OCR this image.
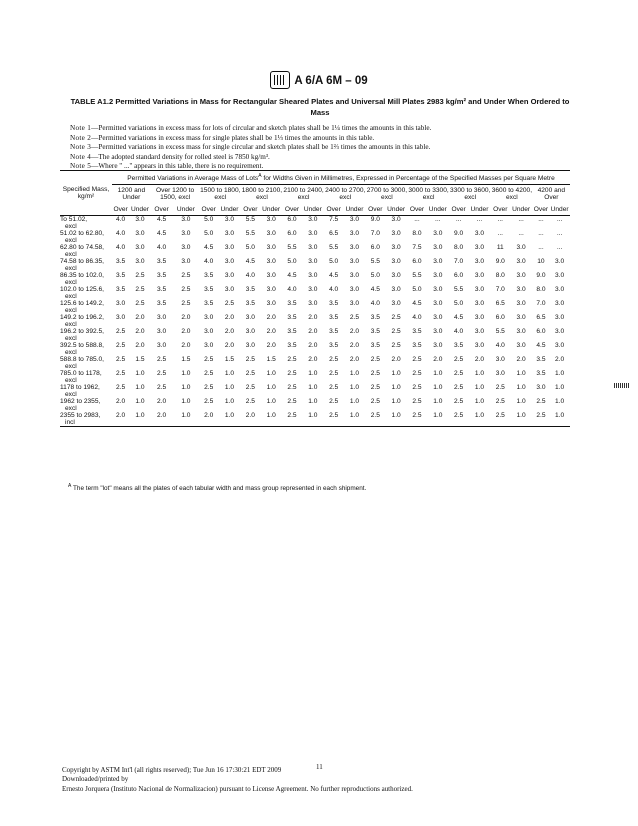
A 6/A 6M – 09
TABLE A1.2 Permitted Variations in Mass for Rectangular Sheared Plates and Universal Mill Plates 2983 kg/m² and Under When Ordered to Mass
Note 1—Permitted variations in excess mass for lots of circular and sketch plates shall be 1¼ times the amounts in this table.
Note 2—Permitted variations in excess mass for single plates shall be 1⅓ times the amounts in this table.
Note 3—Permitted variations in excess mass for single circular and sketch plates shall be 1⅔ times the amounts in this table.
Note 4—The adopted standard density for rolled steel is 7850 kg/m³.
Note 5—Where " ..." appears in this table, there is no requirement.
Specified Mass, kg/m²	Permitted Variations in Average Mass of Lots$^A$ for Widths Given in Millimetres, Expressed in Percentage of the Specified Masses per Square Metre																					
	1200 and Under		Over 1200 to 1500, excl		1500 to 1800, excl		1800 to 2100, excl		2100 to 2400, excl		2400 to 2700, excl		2700 to 3000, excl		3000 to 3300, excl		3300 to 3600, excl		3600 to 4200, excl		4200 and Over	
	Over	Under	Over	Under	Over	Under	Over	Under	Over	Under	Over	Under	Over	Under	Over	Under	Over	Under	Over	Under	Over	Under
To 51.02,
excl	4.0	3.0	4.5	3.0	5.0	3.0	5.5	3.0	6.0	3.0	7.5	3.0	9.0	3.0	...	...	...	...	...	...	...	...
51.02 to 62.80,
excl	4.0	3.0	4.5	3.0	5.0	3.0	5.5	3.0	6.0	3.0	6.5	3.0	7.0	3.0	8.0	3.0	9.0	3.0	...	...	...	...
62.80 to 74.58,
excl	4.0	3.0	4.0	3.0	4.5	3.0	5.0	3.0	5.5	3.0	5.5	3.0	6.0	3.0	7.5	3.0	8.0	3.0	11	3.0	...	...
74.58 to 86.35,
excl	3.5	3.0	3.5	3.0	4.0	3.0	4.5	3.0	5.0	3.0	5.0	3.0	5.5	3.0	6.0	3.0	7.0	3.0	9.0	3.0	10	3.0
86.35 to 102.0,
excl	3.5	2.5	3.5	2.5	3.5	3.0	4.0	3.0	4.5	3.0	4.5	3.0	5.0	3.0	5.5	3.0	6.0	3.0	8.0	3.0	9.0	3.0
102.0 to 125.6,
excl	3.5	2.5	3.5	2.5	3.5	3.0	3.5	3.0	4.0	3.0	4.0	3.0	4.5	3.0	5.0	3.0	5.5	3.0	7.0	3.0	8.0	3.0
125.6 to 149.2,
excl	3.0	2.5	3.5	2.5	3.5	2.5	3.5	3.0	3.5	3.0	3.5	3.0	4.0	3.0	4.5	3.0	5.0	3.0	6.5	3.0	7.0	3.0
149.2 to 196.2,
excl	3.0	2.0	3.0	2.0	3.0	2.0	3.0	2.0	3.5	2.0	3.5	2.5	3.5	2.5	4.0	3.0	4.5	3.0	6.0	3.0	6.5	3.0
196.2 to 392.5,
excl	2.5	2.0	3.0	2.0	3.0	2.0	3.0	2.0	3.5	2.0	3.5	2.0	3.5	2.5	3.5	3.0	4.0	3.0	5.5	3.0	6.0	3.0
392.5 to 588.8,
excl	2.5	2.0	3.0	2.0	3.0	2.0	3.0	2.0	3.5	2.0	3.5	2.0	3.5	2.5	3.5	3.0	3.5	3.0	4.0	3.0	4.5	3.0
588.8 to 785.0,
excl	2.5	1.5	2.5	1.5	2.5	1.5	2.5	1.5	2.5	2.0	2.5	2.0	2.5	2.0	2.5	2.0	2.5	2.0	3.0	2.0	3.5	2.0
785.0 to 1178,
excl	2.5	1.0	2.5	1.0	2.5	1.0	2.5	1.0	2.5	1.0	2.5	1.0	2.5	1.0	2.5	1.0	2.5	1.0	3.0	1.0	3.5	1.0
1178 to 1962,
excl	2.5	1.0	2.5	1.0	2.5	1.0	2.5	1.0	2.5	1.0	2.5	1.0	2.5	1.0	2.5	1.0	2.5	1.0	2.5	1.0	3.0	1.0
1962 to 2355,
excl	2.0	1.0	2.0	1.0	2.5	1.0	2.5	1.0	2.5	1.0	2.5	1.0	2.5	1.0	2.5	1.0	2.5	1.0	2.5	1.0	2.5	1.0
2355 to 2983,
incl	2.0	1.0	2.0	1.0	2.0	1.0	2.0	1.0	2.5	1.0	2.5	1.0	2.5	1.0	2.5	1.0	2.5	1.0	2.5	1.0	2.5	1.0
$^A$ The term "lot" means all the plates of each tabular width and mass group represented in each shipment.
11
Copyright by ASTM Int'l (all rights reserved); Tue Jun 16 17:30:21 EDT 2009
Downloaded/printed by
Ernesto Jorquera (Instituto Nacional de Normalizacion) pursuant to License Agreement. No further reproductions authorized.
